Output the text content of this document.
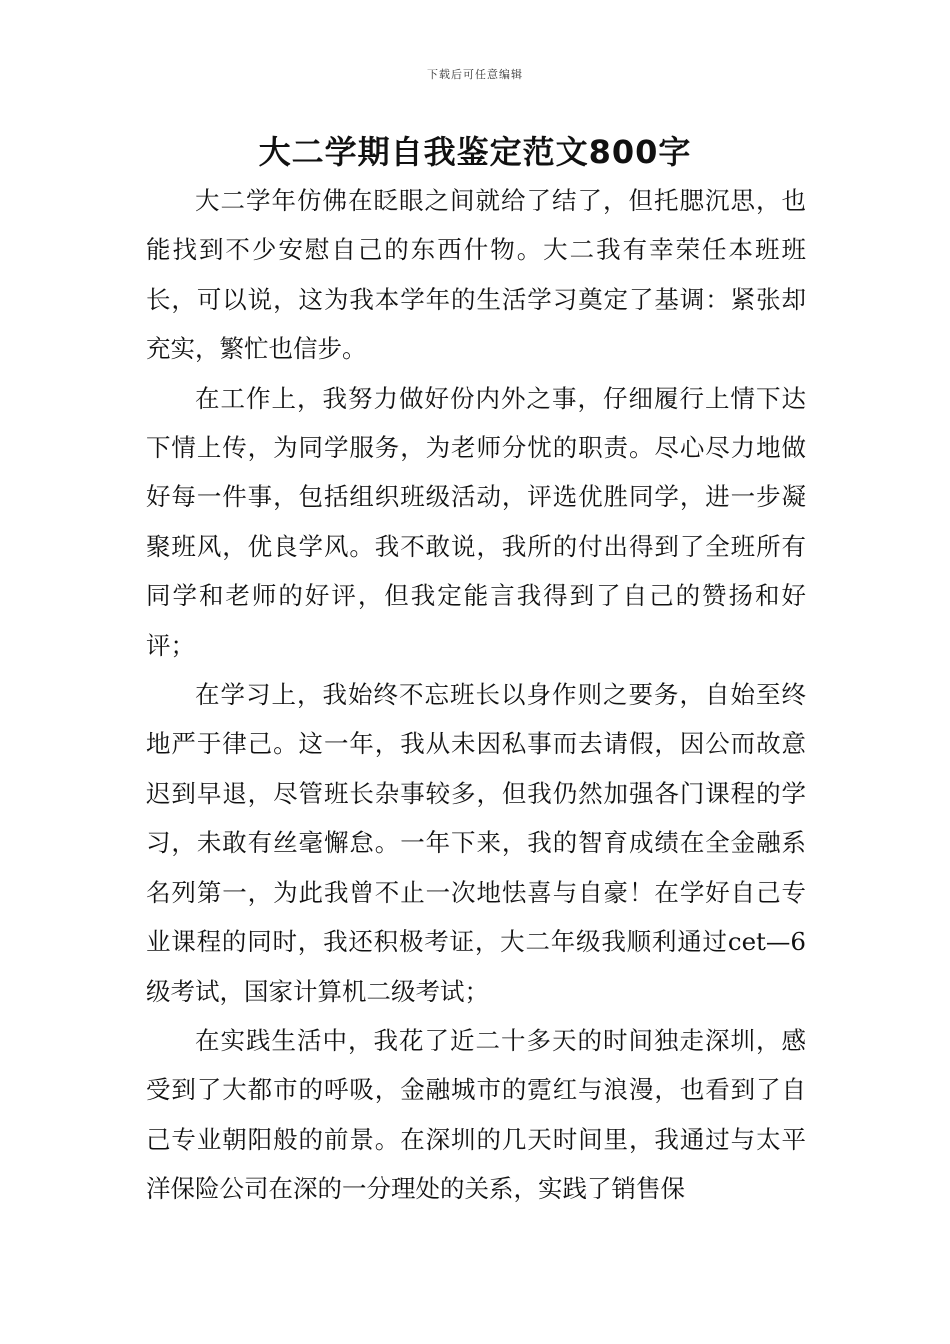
下载后可任意编辑
大二学期自我鉴定范文800字

大二学年仿佛在眨眼之间就给了结了，但托腮沉思，也能找到不少安慰自己的东西什物。大二我有幸荣任本班班长，可以说，这为我本学年的生活学习奠定了基调：紧张却充实，繁忙也信步。

在工作上，我努力做好份内外之事，仔细履行上情下达下情上传，为同学服务，为老师分忧的职责。尽心尽力地做好每一件事，包括组织班级活动，评选优胜同学，进一步凝聚班风，优良学风。我不敢说，我所的付出得到了全班所有同学和老师的好评，但我定能言我得到了自己的赞扬和好评；

在学习上，我始终不忘班长以身作则之要务，自始至终地严于律己。这一年，我从未因私事而去请假，因公而故意迟到早退，尽管班长杂事较多，但我仍然加强各门课程的学习，未敢有丝毫懈怠。一年下来，我的智育成绩在全金融系名列第一，为此我曾不止一次地怯喜与自豪！在学好自己专业课程的同时，我还积极考证，大二年级我顺利通过cet—6级考试，国家计算机二级考试；

在实践生活中，我花了近二十多天的时间独走深圳，感受到了大都市的呼吸，金融城市的霓红与浪漫，也看到了自己专业朝阳般的前景。在深圳的几天时间里，我通过与太平洋保险公司在深的一分理处的关系，实践了销售保
